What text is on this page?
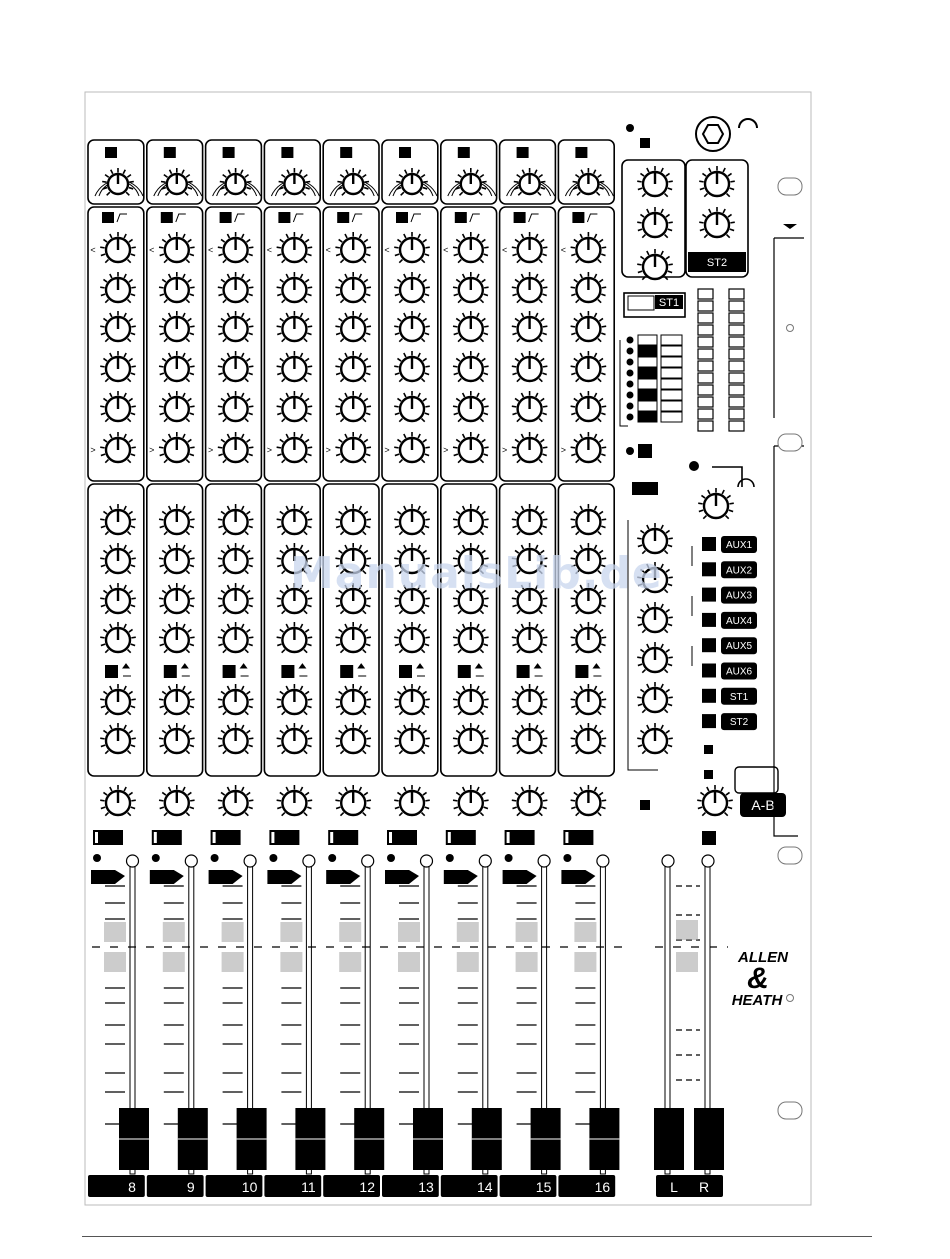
8
<
>
9
<
>
10
<
>
11
<
>
12
<
>
13
<
>
14
<
>
15
<
>
16
<
>
ST2
ST1
AUX1
AUX2
AUX3
AUX4
AUX5
AUX6
ST1
ST2
A-B
L R
ALLEN
&
HEATH
ManualsLib.de
